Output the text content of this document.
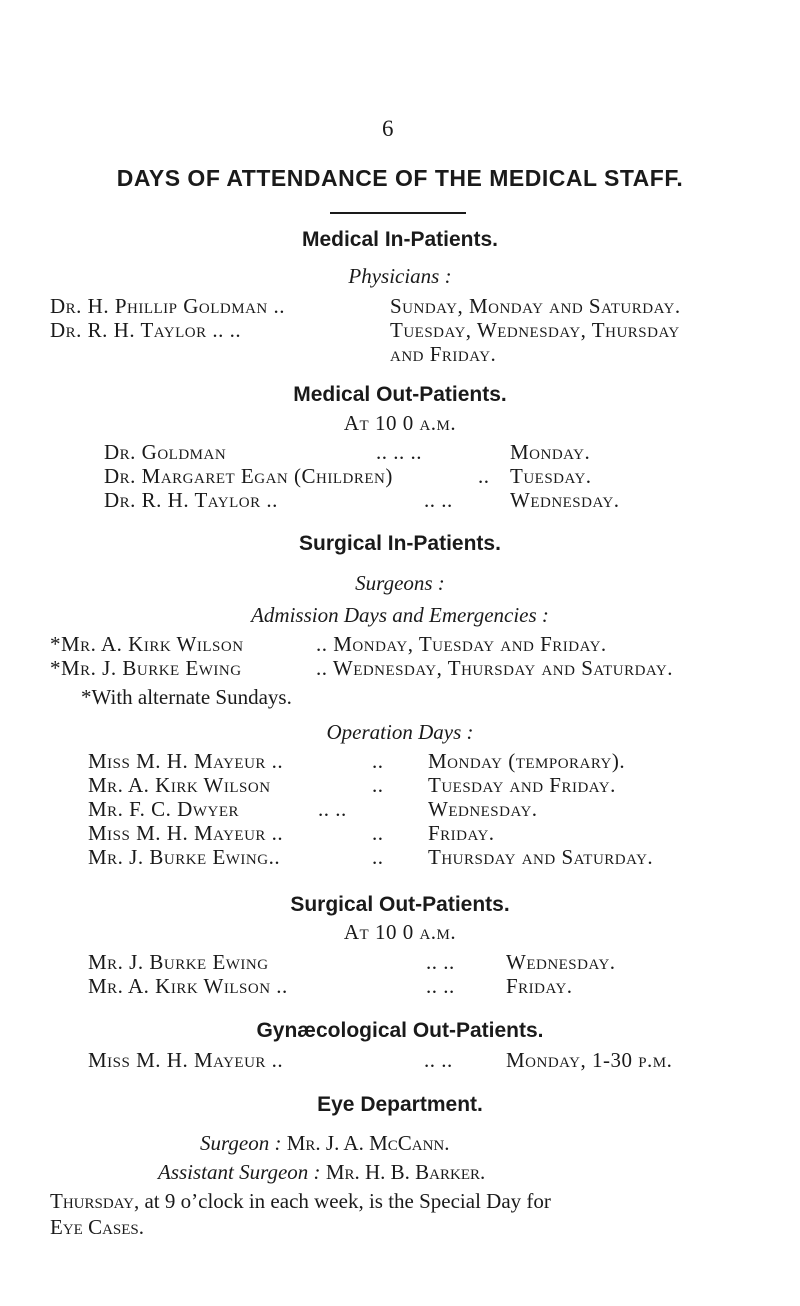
6
DAYS OF ATTENDANCE OF THE MEDICAL STAFF.
Medical In-Patients.
Physicians :
Dr. H. Phillip Goldman ..	Sunday, Monday and Saturday.
Dr. R. H. Taylor .. ..	Tuesday, Wednesday, Thursday
and Friday.
Medical Out-Patients.
At 10 0 a.m.
Dr. Goldman	.. .. ..	Monday.
Dr. Margaret Egan (Children)	.. Tuesday.
Dr. R. H. Taylor ..	.. ..	Wednesday.
Surgical In-Patients.
Surgeons :
Admission Days and Emergencies :
*Mr. A. Kirk Wilson	.. Monday, Tuesday and Friday.
*Mr. J. Burke Ewing	.. Wednesday, Thursday and Saturday.
*With alternate Sundays.
Operation Days :
Miss M. H. Mayeur ..	.. Monday (temporary).
Mr. A. Kirk Wilson	.. Tuesday and Friday.
Mr. F. C. Dwyer	.. ..	Wednesday.
Miss M. H. Mayeur ..	.. Friday.
Mr. J. Burke Ewing..	.. Thursday and Saturday.
Surgical Out-Patients.
At 10 0 a.m.
Mr. J. Burke Ewing	.. .. Wednesday.
Mr. A. Kirk Wilson ..	.. .. Friday.
Gynæcological Out-Patients.
Miss M. H. Mayeur ..	.. ..	Monday, 1-30 p.m.
Eye Department.
Surgeon : Mr. J. A. McCann.
Assistant Surgeon : Mr. H. B. Barker.
Thursday, at 9 o’clock in each week, is the Special Day for
Eye Cases.
